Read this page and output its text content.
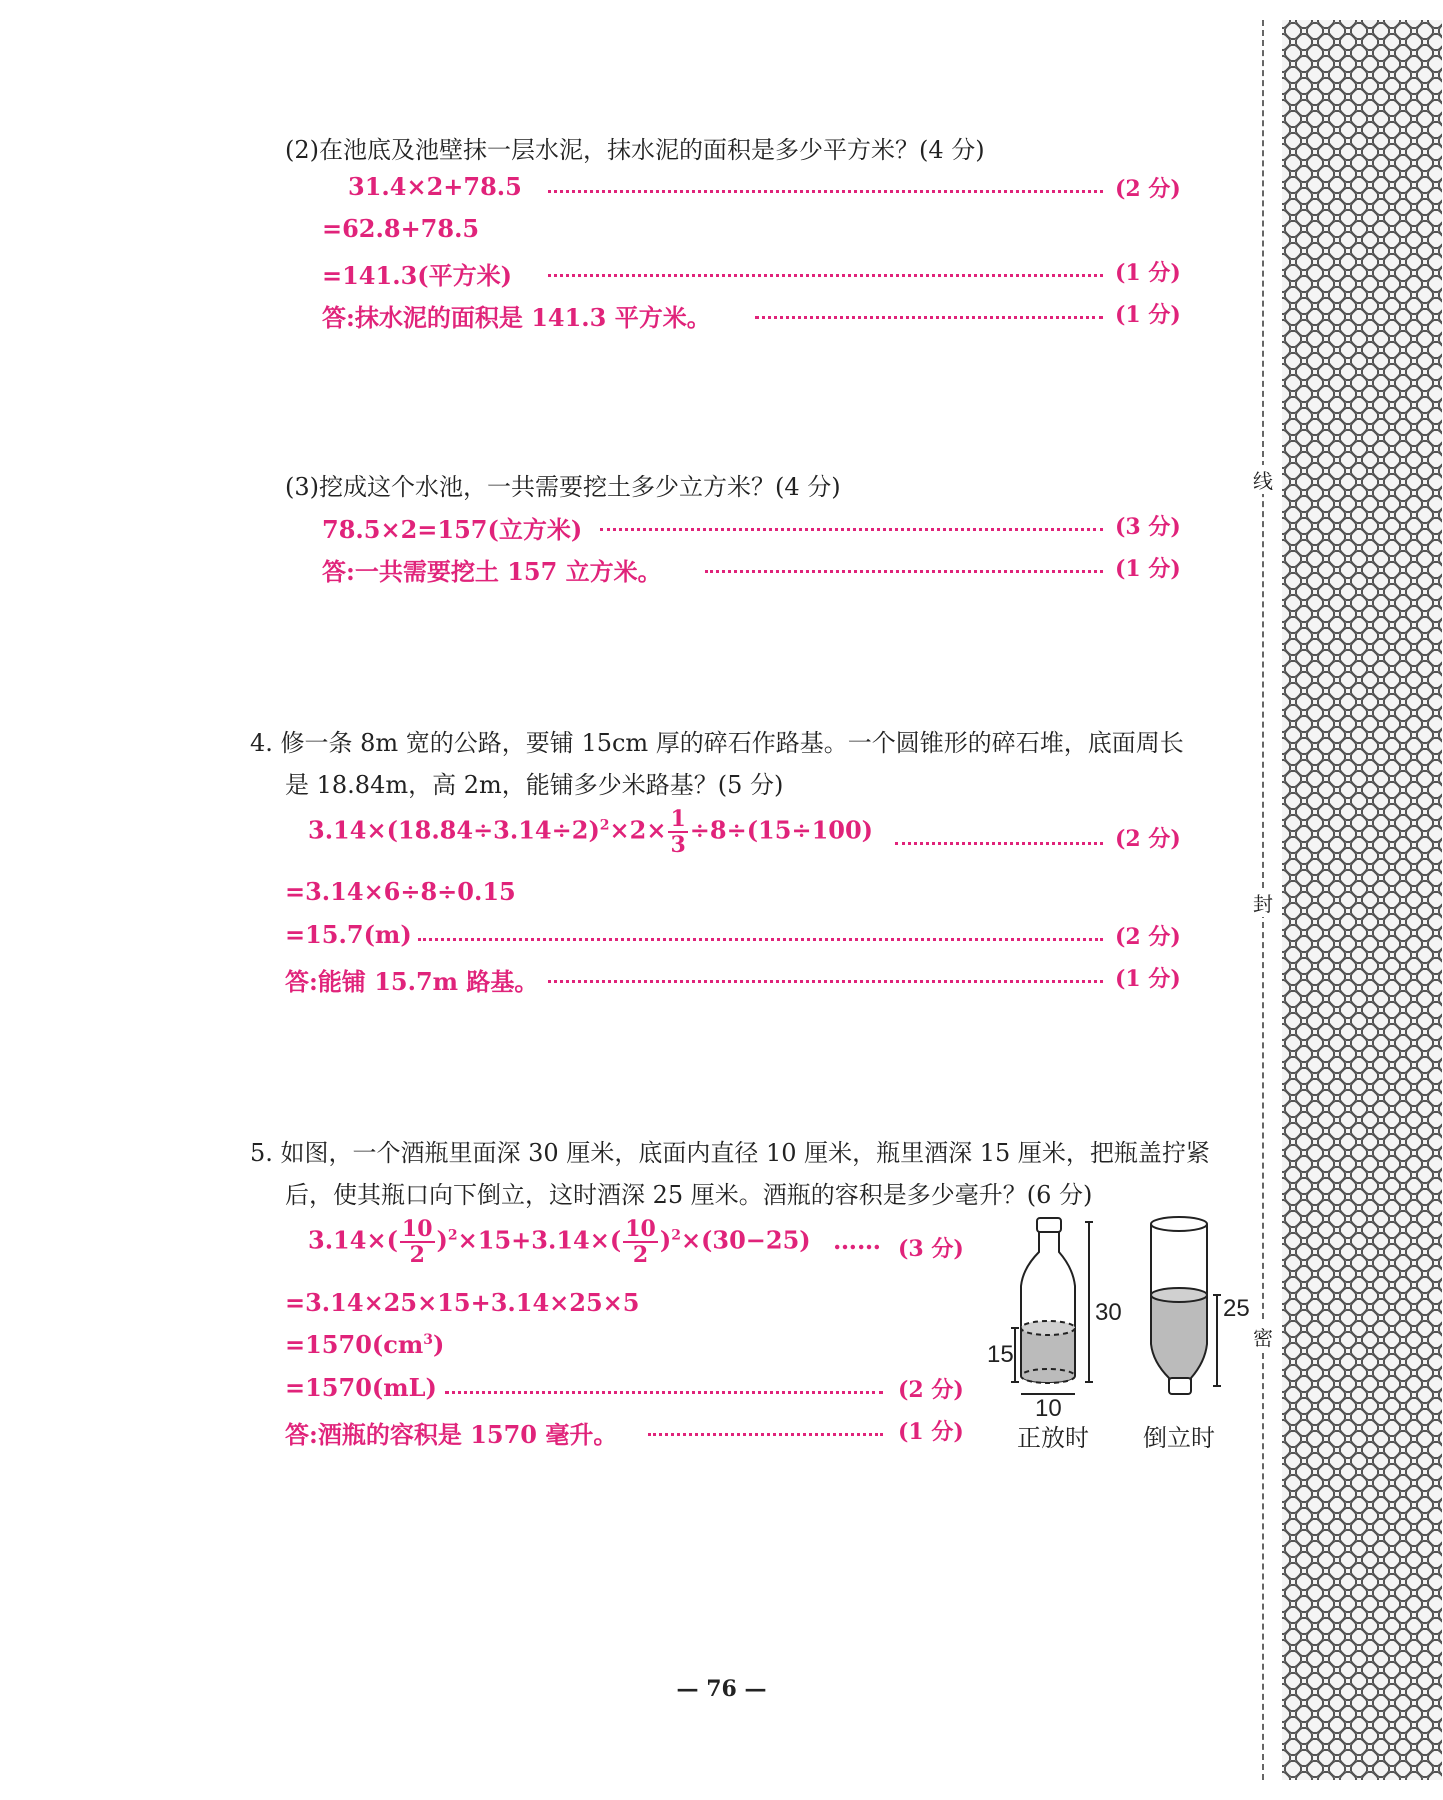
(2)在池底及池壁抹一层水泥，抹水泥的面积是多少平方米？(4 分)
31.4×2+78.5	(2 分)
=62.8+78.5
=141.3(平方米)	(1 分)
答:抹水泥的面积是 141.3 平方米。	(1 分)
(3)挖成这个水池，一共需要挖土多少立方米？(4 分)
78.5×2=157(立方米)	(3 分)
答:一共需要挖土 157 立方米。	(1 分)
4. 修一条 8m 宽的公路，要铺 15cm 厚的碎石作路基。一个圆锥形的碎石堆，底面周长
是 18.84m，高 2m，能铺多少米路基？(5 分)
$3.14\times(18.84\div 3.14\div 2)^2\times 2\times \frac{1}{3} \div 8\div(15\div 100)$	(2 分)
=3.14×6÷8÷0.15
=15.7(m)	(2 分)
答:能铺 15.7m 路基。	(1 分)
5. 如图，一个酒瓶里面深 30 厘米，底面内直径 10 厘米，瓶里酒深 15 厘米，把瓶盖拧紧
后，使其瓶口向下倒立，这时酒深 25 厘米。酒瓶的容积是多少毫升？(6 分)
$3.14\times( \frac{10}{2} )^2\times 15+3.14\times( \frac{10}{2} )^2\times(30-25)$ …… (3 分)
=3.14×25×15+3.14×25×5
$=1570(cm^3)$
=1570(mL)	(2 分)
答:酒瓶的容积是 1570 毫升。	(1 分)
30
15
10
正放时
25
倒立时
线
封
密
— 76 —
